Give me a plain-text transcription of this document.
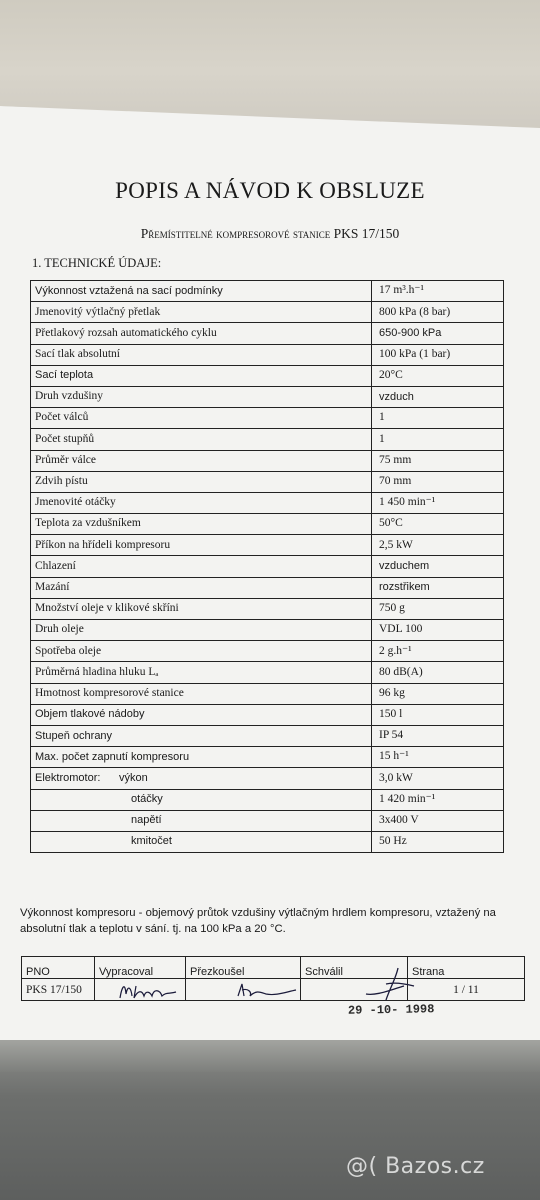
POPIS A NÁVOD K OBSLUZE
Přemístitelné kompresorové stanice PKS 17/150
1. TECHNICKÉ ÚDAJE:
Výkonnost vztažená na sací podmínky	17 m³.h⁻¹
Jmenovitý výtlačný přetlak	800 kPa (8 bar)
Přetlakový rozsah automatického cyklu	650-900 kPa
Sací tlak absolutní	100 kPa (1 bar)
Sací teplota	20°C
Druh vzdušiny	vzduch
Počet válců	1
Počet stupňů	1
Průměr válce	75 mm
Zdvih pístu	70 mm
Jmenovité otáčky	1 450 min⁻¹
Teplota za vzdušníkem	50°C
Příkon na hřídeli kompresoru	2,5 kW
Chlazení	vzduchem
Mazání	rozstřikem
Množství oleje v klikové skříni	750 g
Druh oleje	VDL 100
Spotřeba oleje	2 g.h⁻¹
Průměrná hladina hluku Lₐ	80 dB(A)
Hmotnost kompresorové stanice	96 kg
Objem tlakové nádoby	150 l
Stupeň ochrany	IP 54
Max. počet zapnutí kompresoru	15 h⁻¹
Elektromotor: výkon	3,0 kW
otáčky	1 420 min⁻¹
napětí	3x400 V
kmitočet	50 Hz
Výkonnost kompresoru - objemový průtok vzdušiny výtlačným hrdlem kompresoru, vztažený na absolutní tlak a teplotu v sání. tj. na 100 kPa a 20 °C.
PNO	Vypracoval	Přezkoušel	Schválil	Strana
PKS 17/150				1 / 11
29 -10- 1998
@( Bazos.cz
